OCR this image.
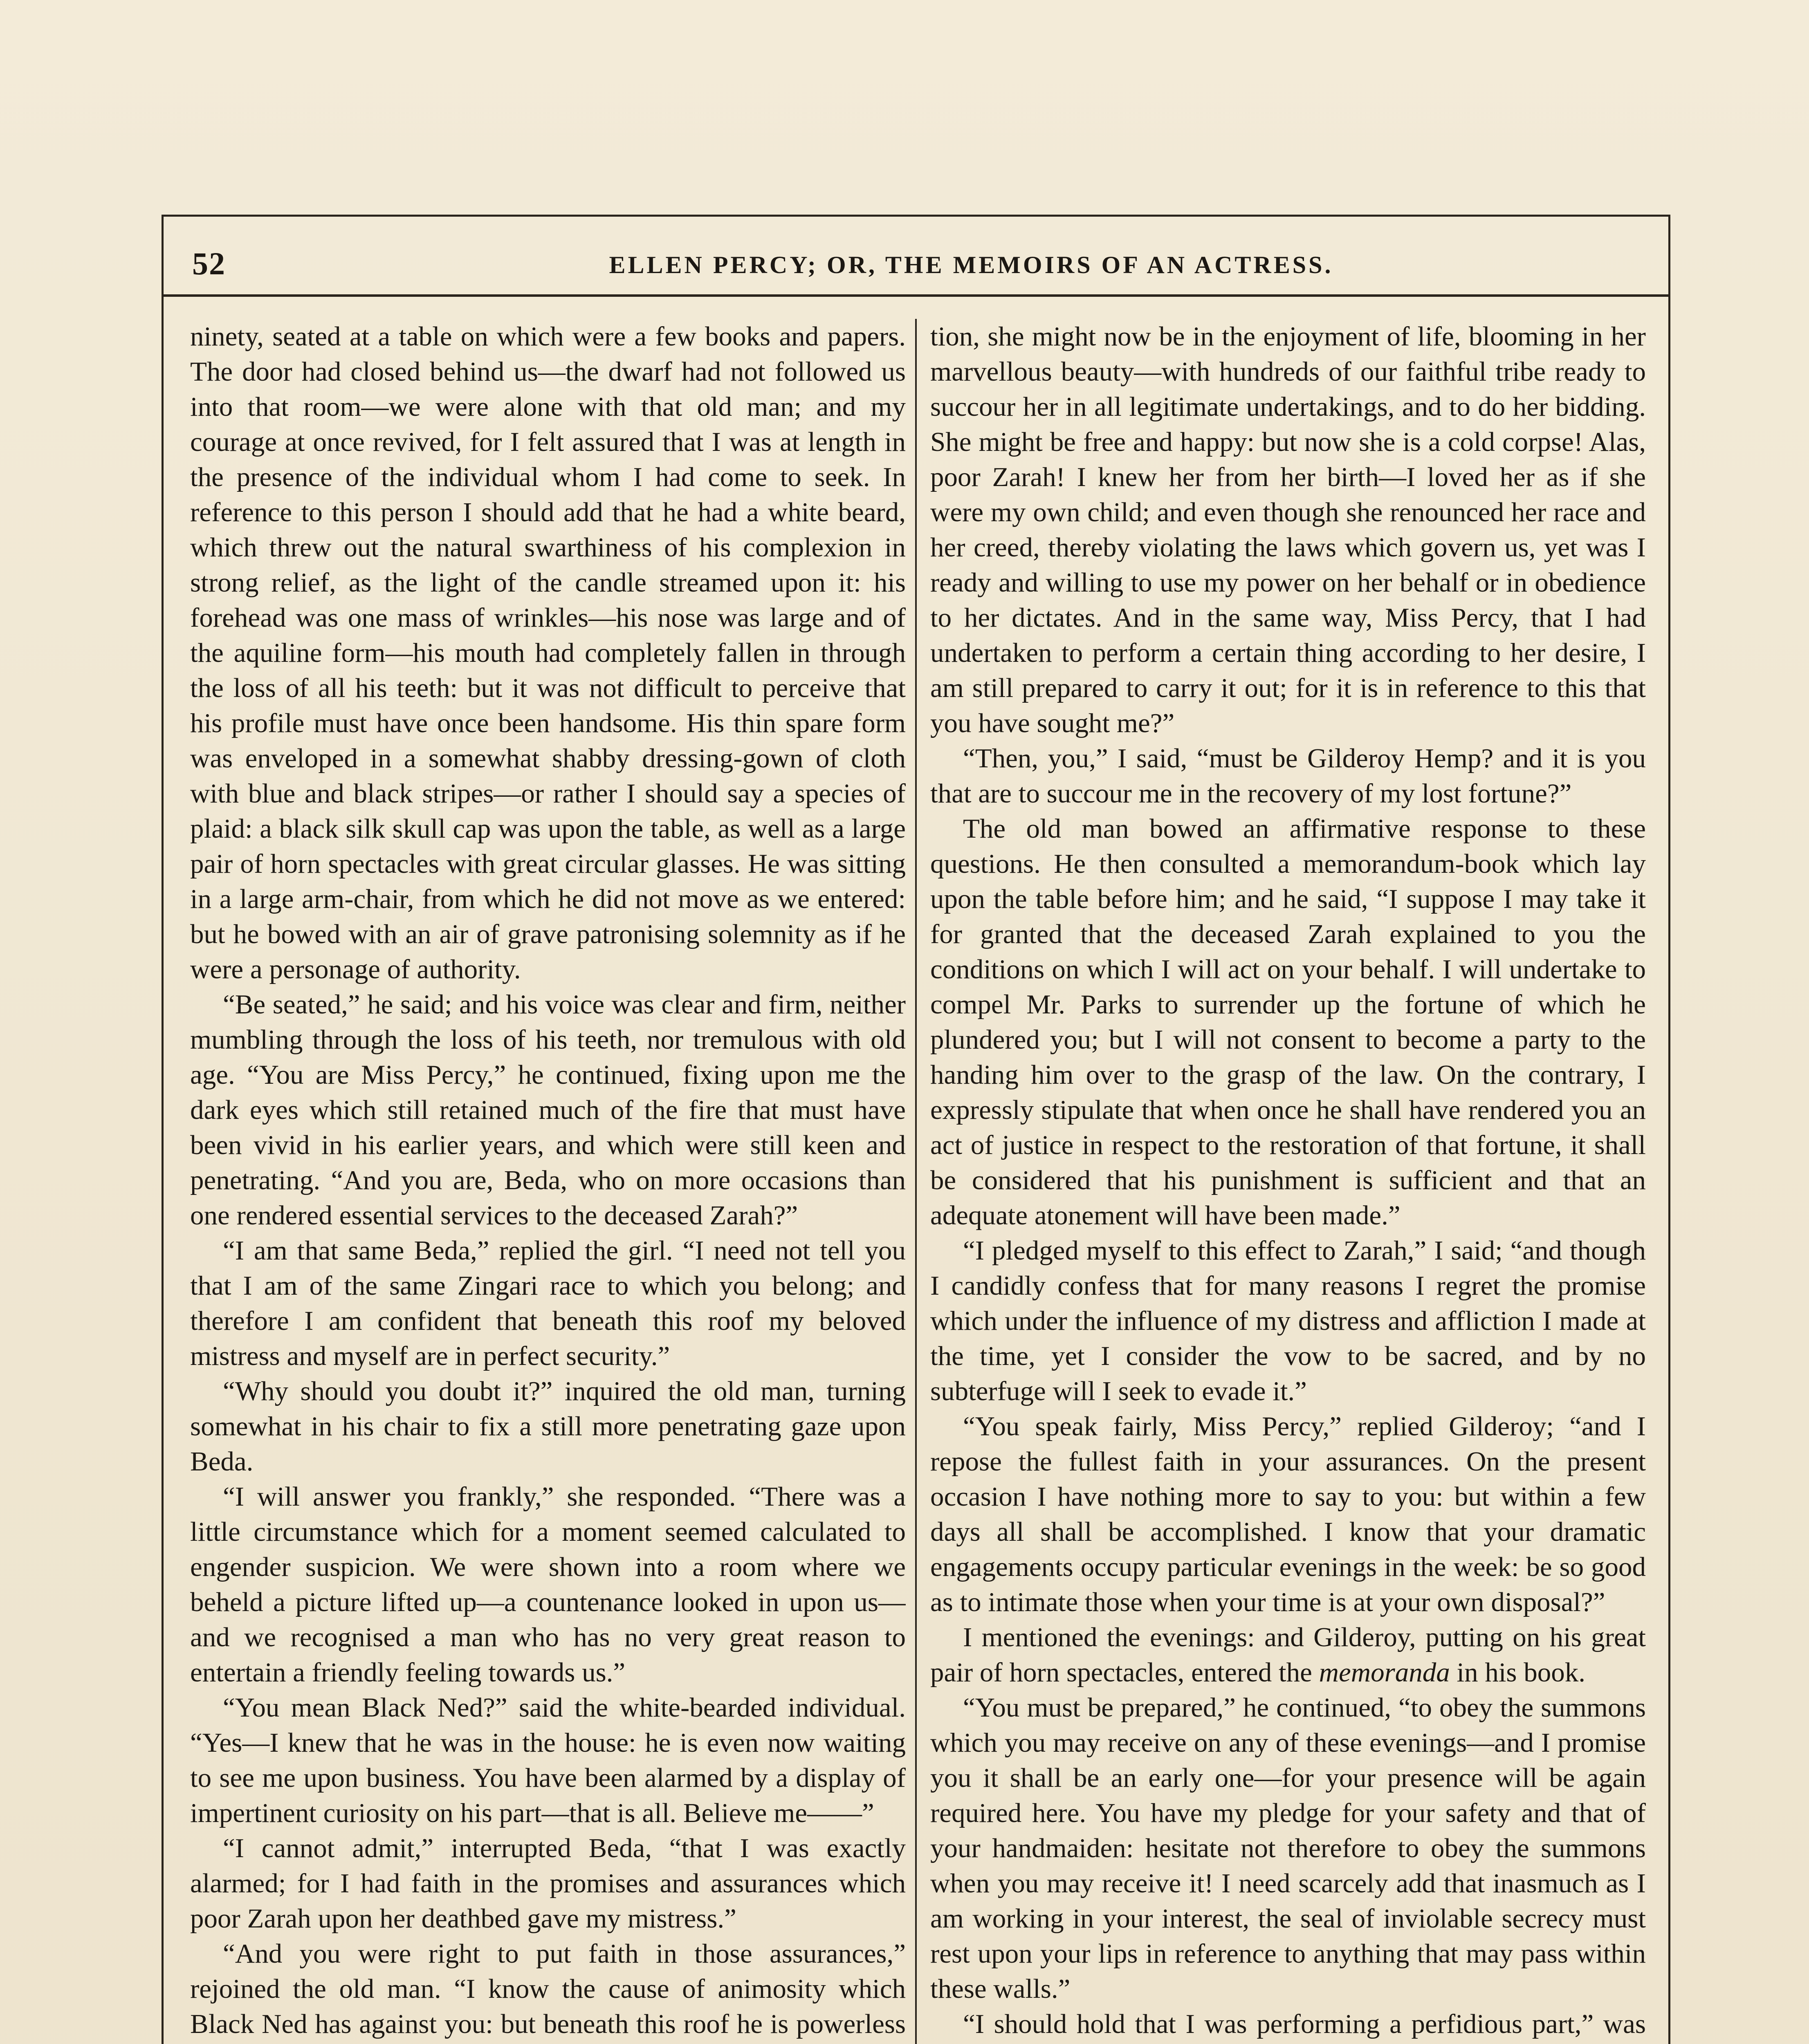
52	ELLEN PERCY; OR, THE MEMOIRS OF AN ACTRESS.

ninety, seated at a table on which were a few books and papers. The door had closed behind us—the dwarf had not followed us into that room—we were alone with that old man; and my courage at once revived, for I felt assured that I was at length in the presence of the individual whom I had come to seek. In reference to this person I should add that he had a white beard, which threw out the natural swarthiness of his complexion in strong relief, as the light of the candle streamed upon it: his forehead was one mass of wrinkles—his nose was large and of the aquiline form—his mouth had completely fallen in through the loss of all his teeth: but it was not difficult to perceive that his profile must have once been handsome. His thin spare form was enveloped in a somewhat shabby dressing-gown of cloth with blue and black stripes—or rather I should say a species of plaid: a black silk skull cap was upon the table, as well as a large pair of horn spectacles with great circular glasses. He was sitting in a large arm-chair, from which he did not move as we entered: but he bowed with an air of grave patronising solemnity as if he were a personage of authority.

“Be seated,” he said; and his voice was clear and firm, neither mumbling through the loss of his teeth, nor tremulous with old age. “You are Miss Percy,” he continued, fixing upon me the dark eyes which still retained much of the fire that must have been vivid in his earlier years, and which were still keen and penetrating. “And you are, Beda, who on more occasions than one rendered essential services to the deceased Zarah?”

“I am that same Beda,” replied the girl. “I need not tell you that I am of the same Zingari race to which you belong; and therefore I am confident that beneath this roof my beloved mistress and myself are in perfect security.”

“Why should you doubt it?” inquired the old man, turning somewhat in his chair to fix a still more penetrating gaze upon Beda.

“I will answer you frankly,” she responded. “There was a little circumstance which for a moment seemed calculated to engender suspicion. We were shown into a room where we beheld a picture lifted up—a countenance looked in upon us—and we recognised a man who has no very great reason to entertain a friendly feeling towards us.”

“You mean Black Ned?” said the white-bearded individual. “Yes—I knew that he was in the house: he is even now waiting to see me upon business. You have been alarmed by a display of impertinent curiosity on his part—that is all. Believe me——”

“I cannot admit,” interrupted Beda, “that I was exactly alarmed; for I had faith in the promises and assurances which poor Zarah upon her deathbed gave my mistress.”

“And you were right to put faith in those assurances,” rejoined the old man. “I know the cause of animosity which Black Ned has against you: but beneath this roof he is powerless

tion, she might now be in the enjoyment of life, blooming in her marvellous beauty—with hundreds of our faithful tribe ready to succour her in all legitimate undertakings, and to do her bidding. She might be free and happy: but now she is a cold corpse! Alas, poor Zarah! I knew her from her birth—I loved her as if she were my own child; and even though she renounced her race and her creed, thereby violating the laws which govern us, yet was I ready and willing to use my power on her behalf or in obedience to her dictates. And in the same way, Miss Percy, that I had undertaken to perform a certain thing according to her desire, I am still prepared to carry it out; for it is in reference to this that you have sought me?”

“Then, you,” I said, “must be Gilderoy Hemp? and it is you that are to succour me in the recovery of my lost fortune?”

The old man bowed an affirmative response to these questions. He then consulted a memorandum-book which lay upon the table before him; and he said, “I suppose I may take it for granted that the deceased Zarah explained to you the conditions on which I will act on your behalf. I will undertake to compel Mr. Parks to surrender up the fortune of which he plundered you; but I will not consent to become a party to the handing him over to the grasp of the law. On the contrary, I expressly stipulate that when once he shall have rendered you an act of justice in respect to the restoration of that fortune, it shall be considered that his punishment is sufficient and that an adequate atonement will have been made.”

“I pledged myself to this effect to Zarah,” I said; “and though I candidly confess that for many reasons I regret the promise which under the influence of my distress and affliction I made at the time, yet I consider the vow to be sacred, and by no subterfuge will I seek to evade it.”

“You speak fairly, Miss Percy,” replied Gilderoy; “and I repose the fullest faith in your assurances. On the present occasion I have nothing more to say to you: but within a few days all shall be accomplished. I know that your dramatic engagements occupy particular evenings in the week: be so good as to intimate those when your time is at your own disposal?”

I mentioned the evenings: and Gilderoy, putting on his great pair of horn spectacles, entered the memoranda in his book.

“You must be prepared,” he continued, “to obey the summons which you may receive on any of these evenings—and I promise you it shall be an early one—for your presence will be again required here. You have my pledge for your safety and that of your handmaiden: hesitate not therefore to obey the summons when you may receive it! I need scarcely add that inasmuch as I am working in your interest, the seal of inviolable secrecy must rest upon your lips in reference to anything that may pass within these walls.”

“I should hold that I was performing a perfidious part,” was
